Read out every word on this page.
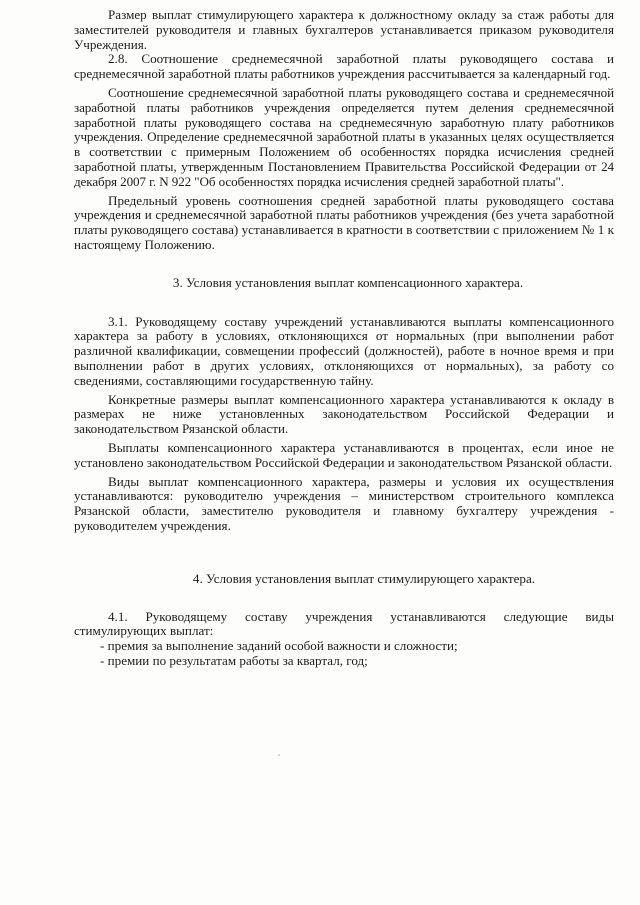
Размер выплат стимулирующего характера к должностному окладу за стаж работы для заместителей руководителя и главных бухгалтеров устанавливается приказом руководителя Учреждения.

2.8. Соотношение среднемесячной заработной платы руководящего состава и среднемесячной заработной платы работников учреждения рассчитывается за календарный год.

Соотношение среднемесячной заработной платы руководящего состава и среднемесячной заработной платы работников учреждения определяется путем деления среднемесячной заработной платы руководящего состава на среднемесячную заработную плату работников учреждения. Определение среднемесячной заработной платы в указанных целях осуществляется в соответствии с примерным Положением об особенностях порядка исчисления средней заработной платы, утвержденным Постановлением Правительства Российской Федерации от 24 декабря 2007 г. N 922 "Об особенностях порядка исчисления средней заработной платы".

Предельный уровень соотношения средней заработной платы руководящего состава учреждения и среднемесячной заработной платы работников учреждения (без учета заработной платы руководящего состава) устанавливается в кратности в соответствии с приложением № 1 к настоящему Положению.

3. Условия установления выплат компенсационного характера.

3.1. Руководящему составу учреждений устанавливаются выплаты компенсационного характера за работу в условиях, отклоняющихся от нормальных (при выполнении работ различной квалификации, совмещении профессий (должностей), работе в ночное время и при выполнении работ в других условиях, отклоняющихся от нормальных), за работу со сведениями, составляющими государственную тайну.

Конкретные размеры выплат компенсационного характера устанавливаются к окладу в размерах не ниже установленных законодательством Российской Федерации и законодательством Рязанской области.

Выплаты компенсационного характера устанавливаются в процентах, если иное не установлено законодательством Российской Федерации и законодательством Рязанской области.

Виды выплат компенсационного характера, размеры и условия их осуществления устанавливаются: руководителю учреждения – министерством строительного комплекса Рязанской области, заместителю руководителя и главному бухгалтеру учреждения - руководителем учреждения.

4. Условия установления выплат стимулирующего характера.

4.1. Руководящему составу учреждения устанавливаются следующие виды стимулирующих выплат:

- премия за выполнение заданий особой важности и сложности;
- премии по результатам работы за квартал, год;
